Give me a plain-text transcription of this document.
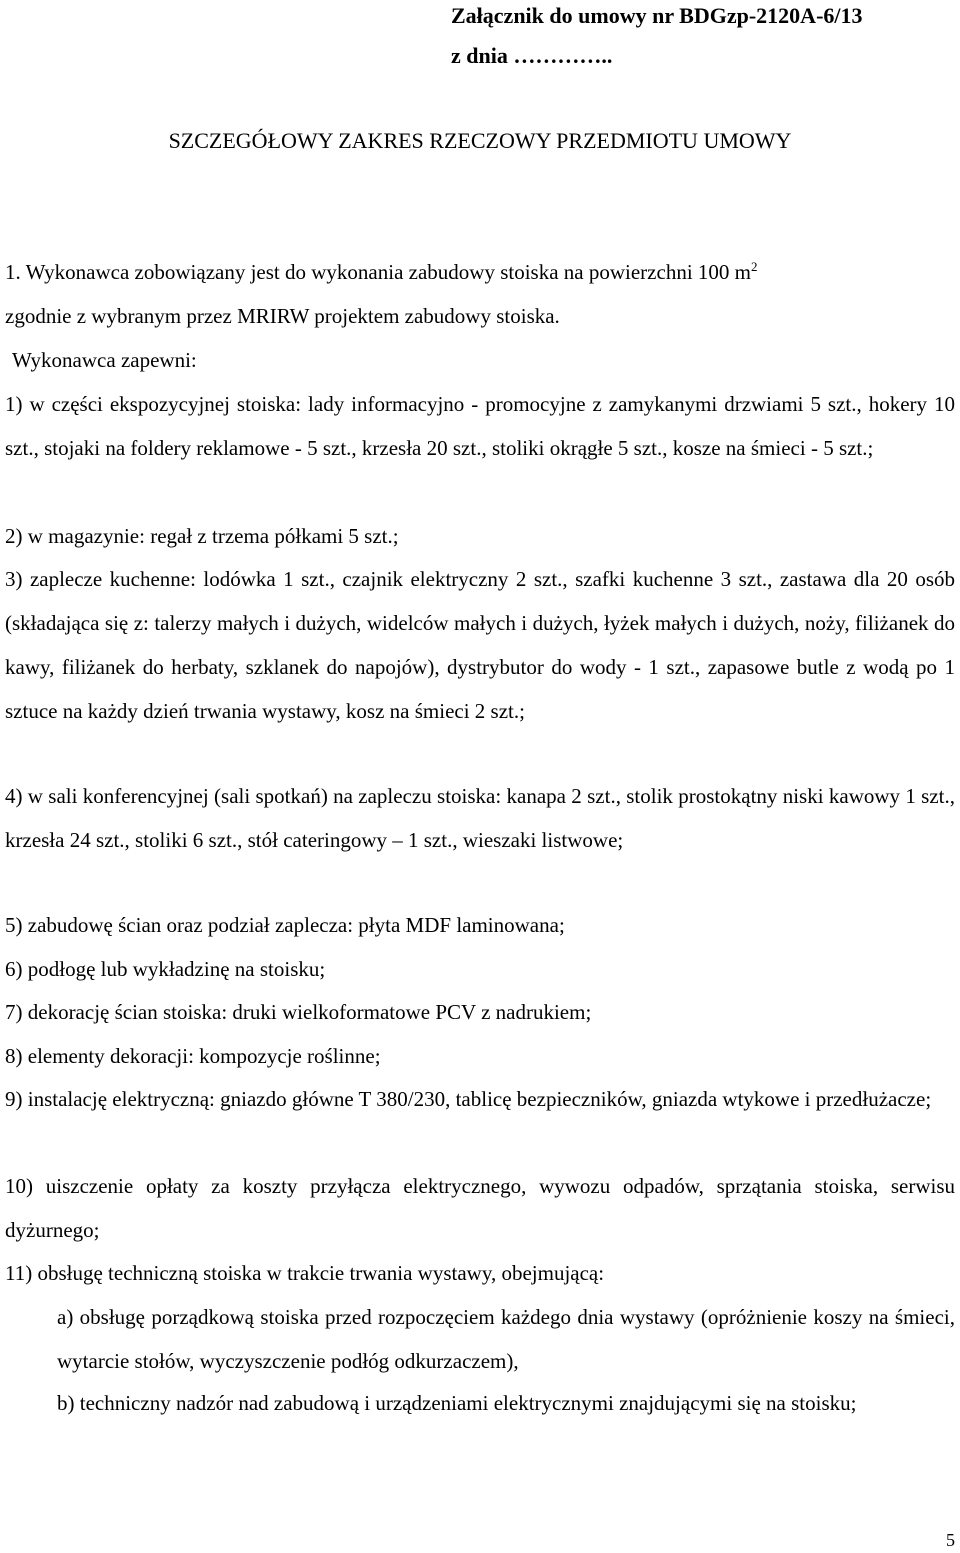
Załącznik do umowy nr BDGzp-2120A-6/13
z dnia …………..
SZCZEGÓŁOWY ZAKRES RZECZOWY PRZEDMIOTU UMOWY
1. Wykonawca zobowiązany jest do wykonania zabudowy stoiska na powierzchni 100 $m^2$
zgodnie z wybranym przez MRIRW projektem zabudowy stoiska.
Wykonawca zapewni:
1) w części ekspozycyjnej stoiska: lady informacyjno - promocyjne z zamykanymi drzwiami 5 szt., hokery 10 szt., stojaki na foldery reklamowe - 5 szt., krzesła 20 szt., stoliki okrągłe 5 szt., kosze na śmieci - 5 szt.;
2) w magazynie: regał z trzema półkami 5 szt.;
3) zaplecze kuchenne: lodówka 1 szt., czajnik elektryczny 2 szt., szafki kuchenne 3 szt., zastawa dla 20 osób (składająca się z: talerzy małych i dużych, widelców małych i dużych, łyżek małych i dużych, noży, filiżanek do kawy, filiżanek do herbaty, szklanek do napojów), dystrybutor do wody - 1 szt., zapasowe butle z wodą po 1 sztuce na każdy dzień trwania wystawy, kosz na śmieci 2 szt.;
4) w sali konferencyjnej (sali spotkań) na zapleczu stoiska: kanapa 2 szt., stolik prostokątny niski kawowy 1 szt., krzesła 24 szt., stoliki 6 szt., stół cateringowy – 1 szt., wieszaki listwowe;
5) zabudowę ścian oraz podział zaplecza: płyta MDF laminowana;
6) podłogę lub wykładzinę na stoisku;
7) dekorację ścian stoiska: druki wielkoformatowe PCV z nadrukiem;
8) elementy dekoracji: kompozycje roślinne;
9) instalację elektryczną: gniazdo główne T 380/230, tablicę bezpieczników, gniazda wtykowe i przedłużacze;
10) uiszczenie opłaty za koszty przyłącza elektrycznego, wywozu odpadów, sprzątania stoiska, serwisu dyżurnego;
11) obsługę techniczną stoiska w trakcie trwania wystawy, obejmującą:
a) obsługę porządkową stoiska przed rozpoczęciem każdego dnia wystawy (opróżnienie koszy na śmieci, wytarcie stołów, wyczyszczenie podłóg odkurzaczem),
b) techniczny nadzór nad zabudową i urządzeniami elektrycznymi znajdującymi się na stoisku;
5
